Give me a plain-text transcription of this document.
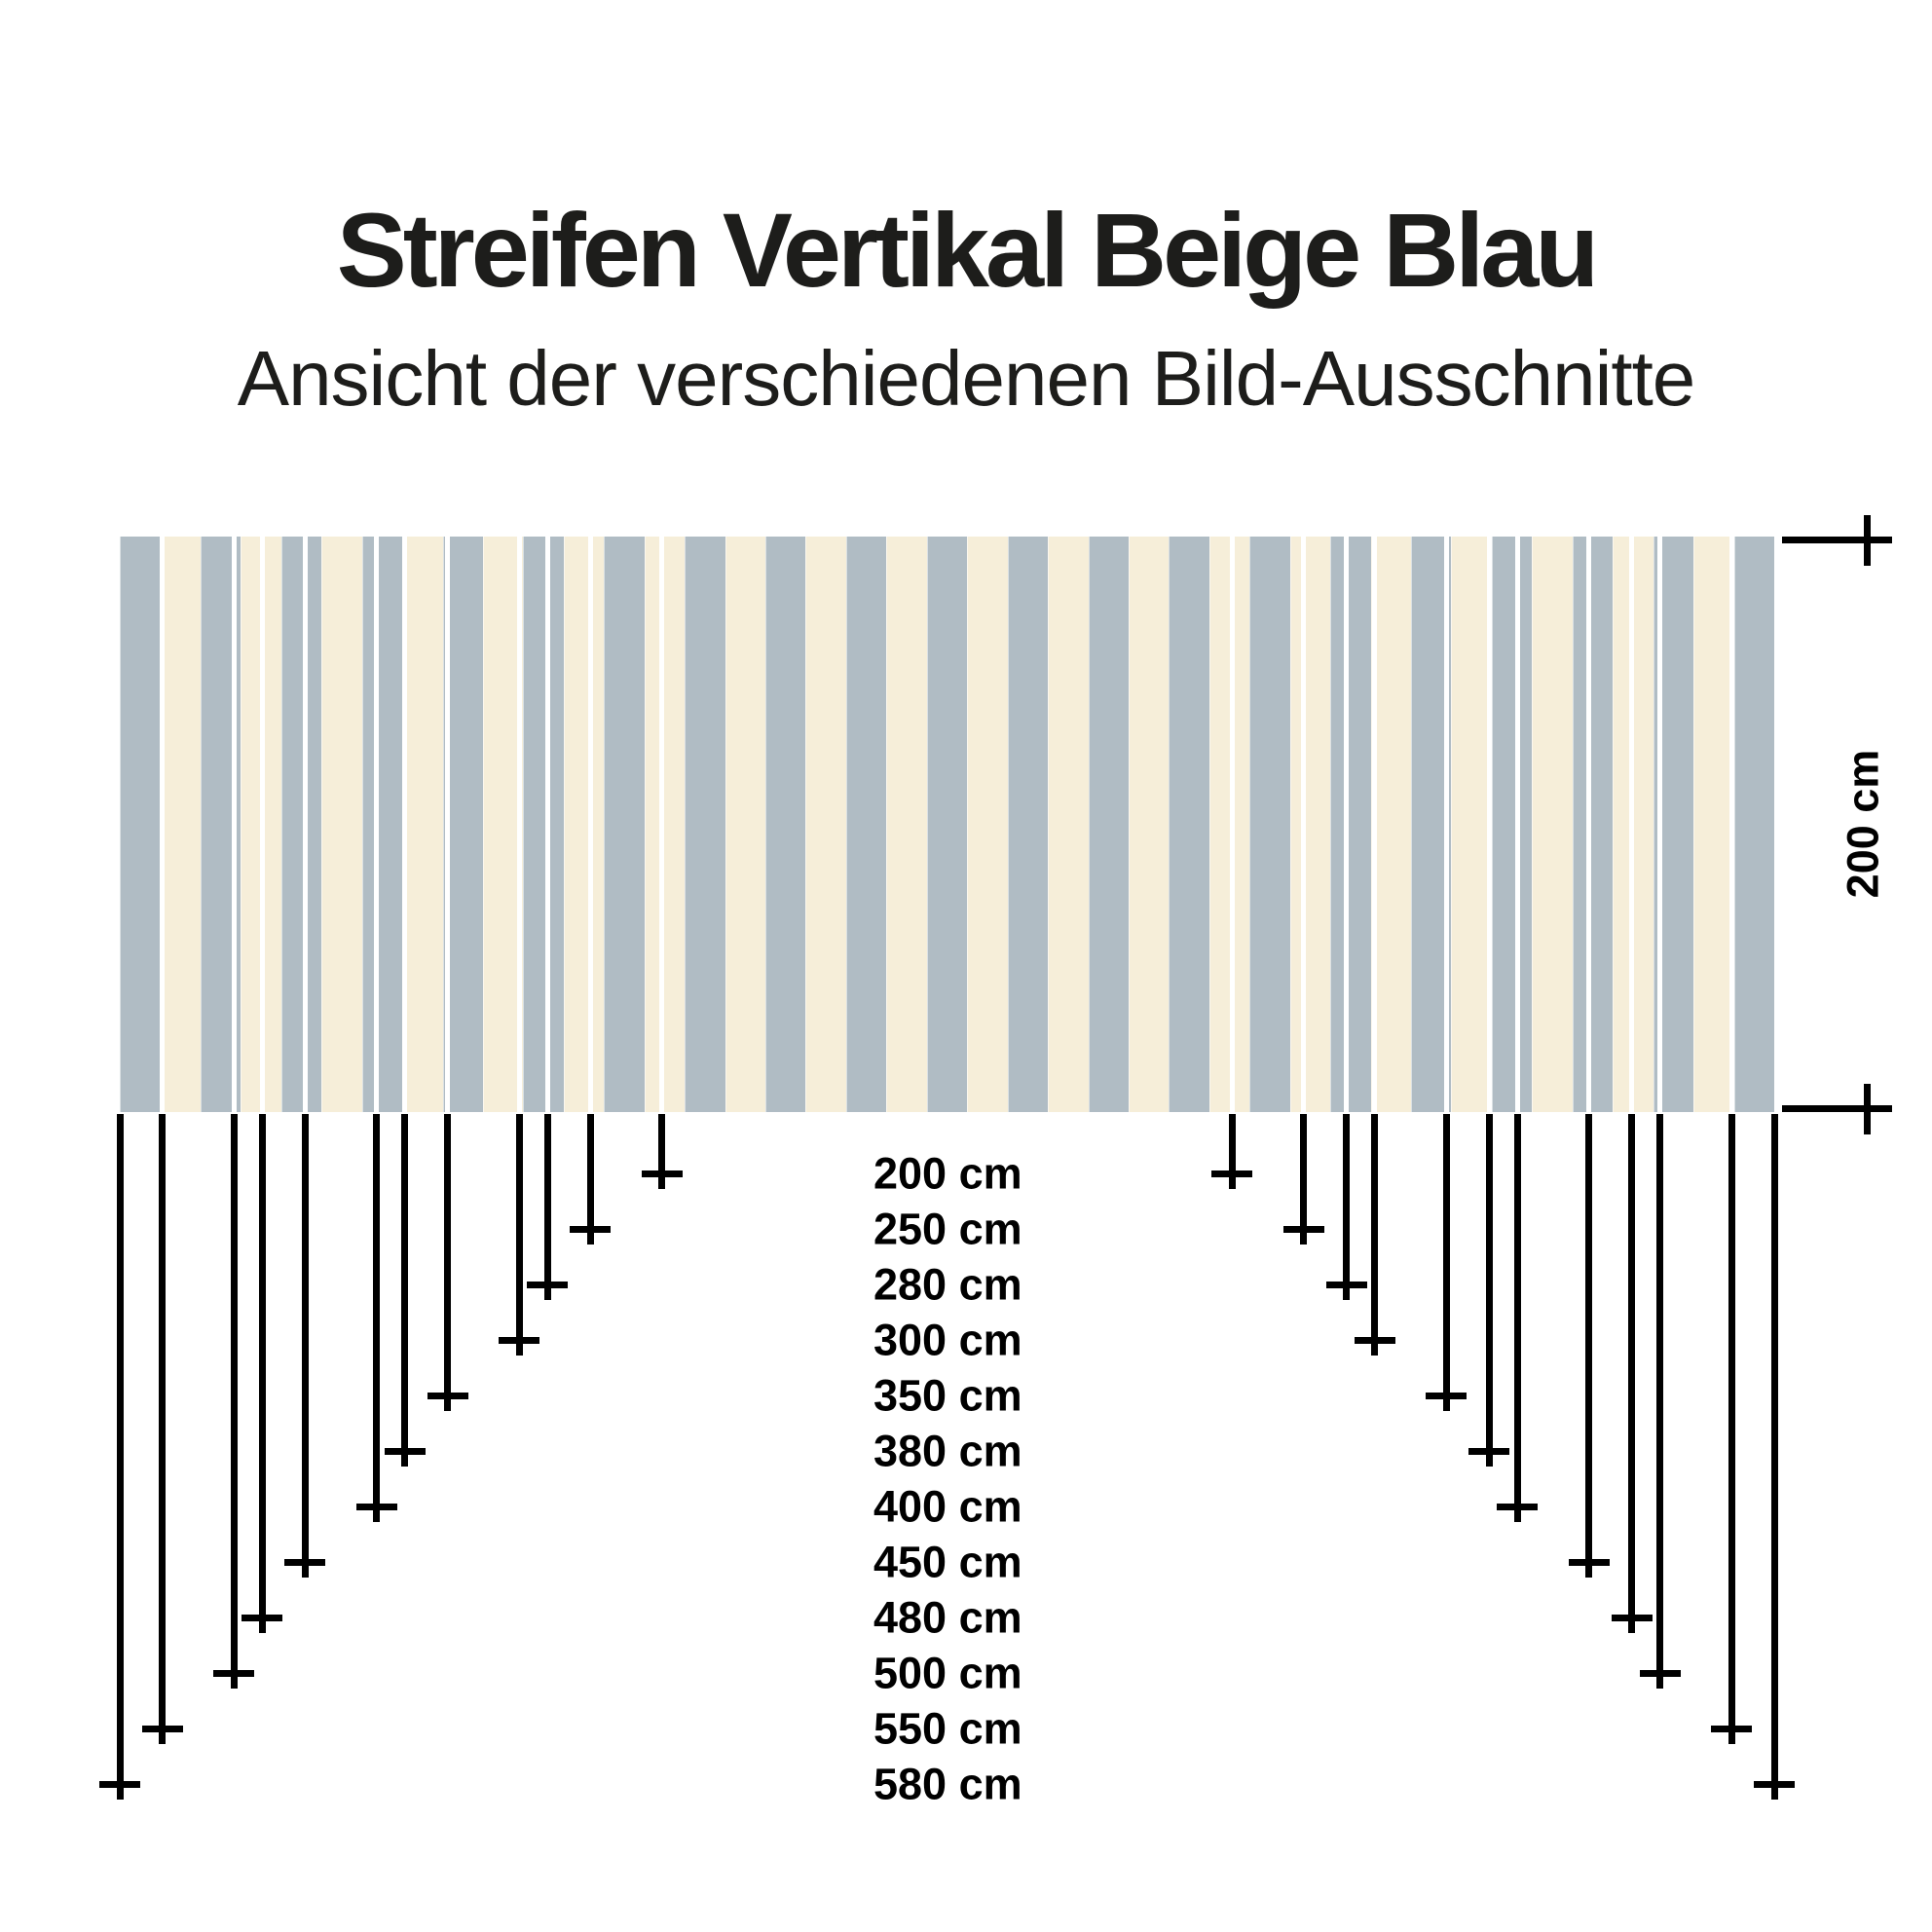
Streifen Vertikal Beige Blau
Ansicht der verschiedenen Bild-Ausschnitte
200 cm
250 cm
280 cm
300 cm
350 cm
380 cm
400 cm
450 cm
480 cm
500 cm
550 cm
580 cm
200 cm
